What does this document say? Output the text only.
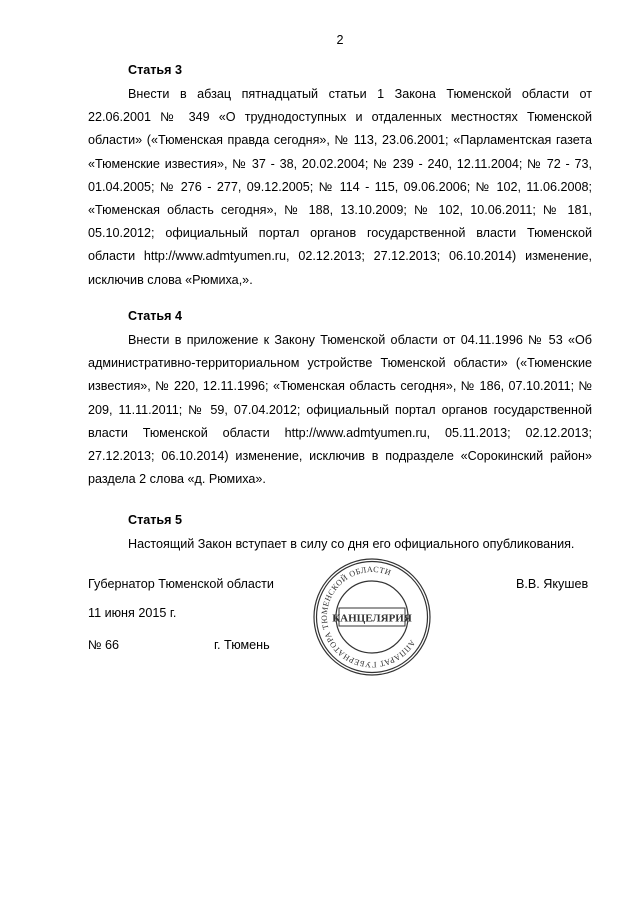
2
Статья 3

Внести в абзац пятнадцатый статьи 1 Закона Тюменской области от 22.06.2001 № 349 «О труднодоступных и отдаленных местностях Тюменской области» («Тюменская правда сегодня», № 113, 23.06.2001; «Парламентская газета «Тюменские известия», № 37 - 38, 20.02.2004; № 239 - 240, 12.11.2004; № 72 - 73, 01.04.2005; № 276 - 277, 09.12.2005; № 114 - 115, 09.06.2006; № 102, 11.06.2008; «Тюменская область сегодня», № 188, 13.10.2009; № 102, 10.06.2011; № 181, 05.10.2012; официальный портал органов государственной власти Тюменской области http://www.admtyumen.ru, 02.12.2013; 27.12.2013; 06.10.2014) изменение, исключив слова «Рюмиха,».

Статья 4

Внести в приложение к Закону Тюменской области от 04.11.1996 № 53 «Об административно-территориальном устройстве Тюменской области» («Тюменские известия», № 220, 12.11.1996; «Тюменская область сегодня», № 186, 07.10.2011; № 209, 11.11.2011; № 59, 07.04.2012; официальный портал органов государственной власти Тюменской области http://www.admtyumen.ru, 05.11.2013; 02.12.2013; 27.12.2013; 06.10.2014) изменение, исключив в подразделе «Сорокинский район» раздела 2 слова «д. Рюмиха».

Статья 5

Настоящий Закон вступает в силу со дня его официального опубликования.

Губернатор Тюменской области	В.В. Якушев
11 июня 2015 г.
№ 66	г. Тюмень	АППАРАТ ГУБЕРНАТОРА ТЮМЕНСКОЙ ОБЛАСТИ
КАНЦЕЛЯРИЯ
